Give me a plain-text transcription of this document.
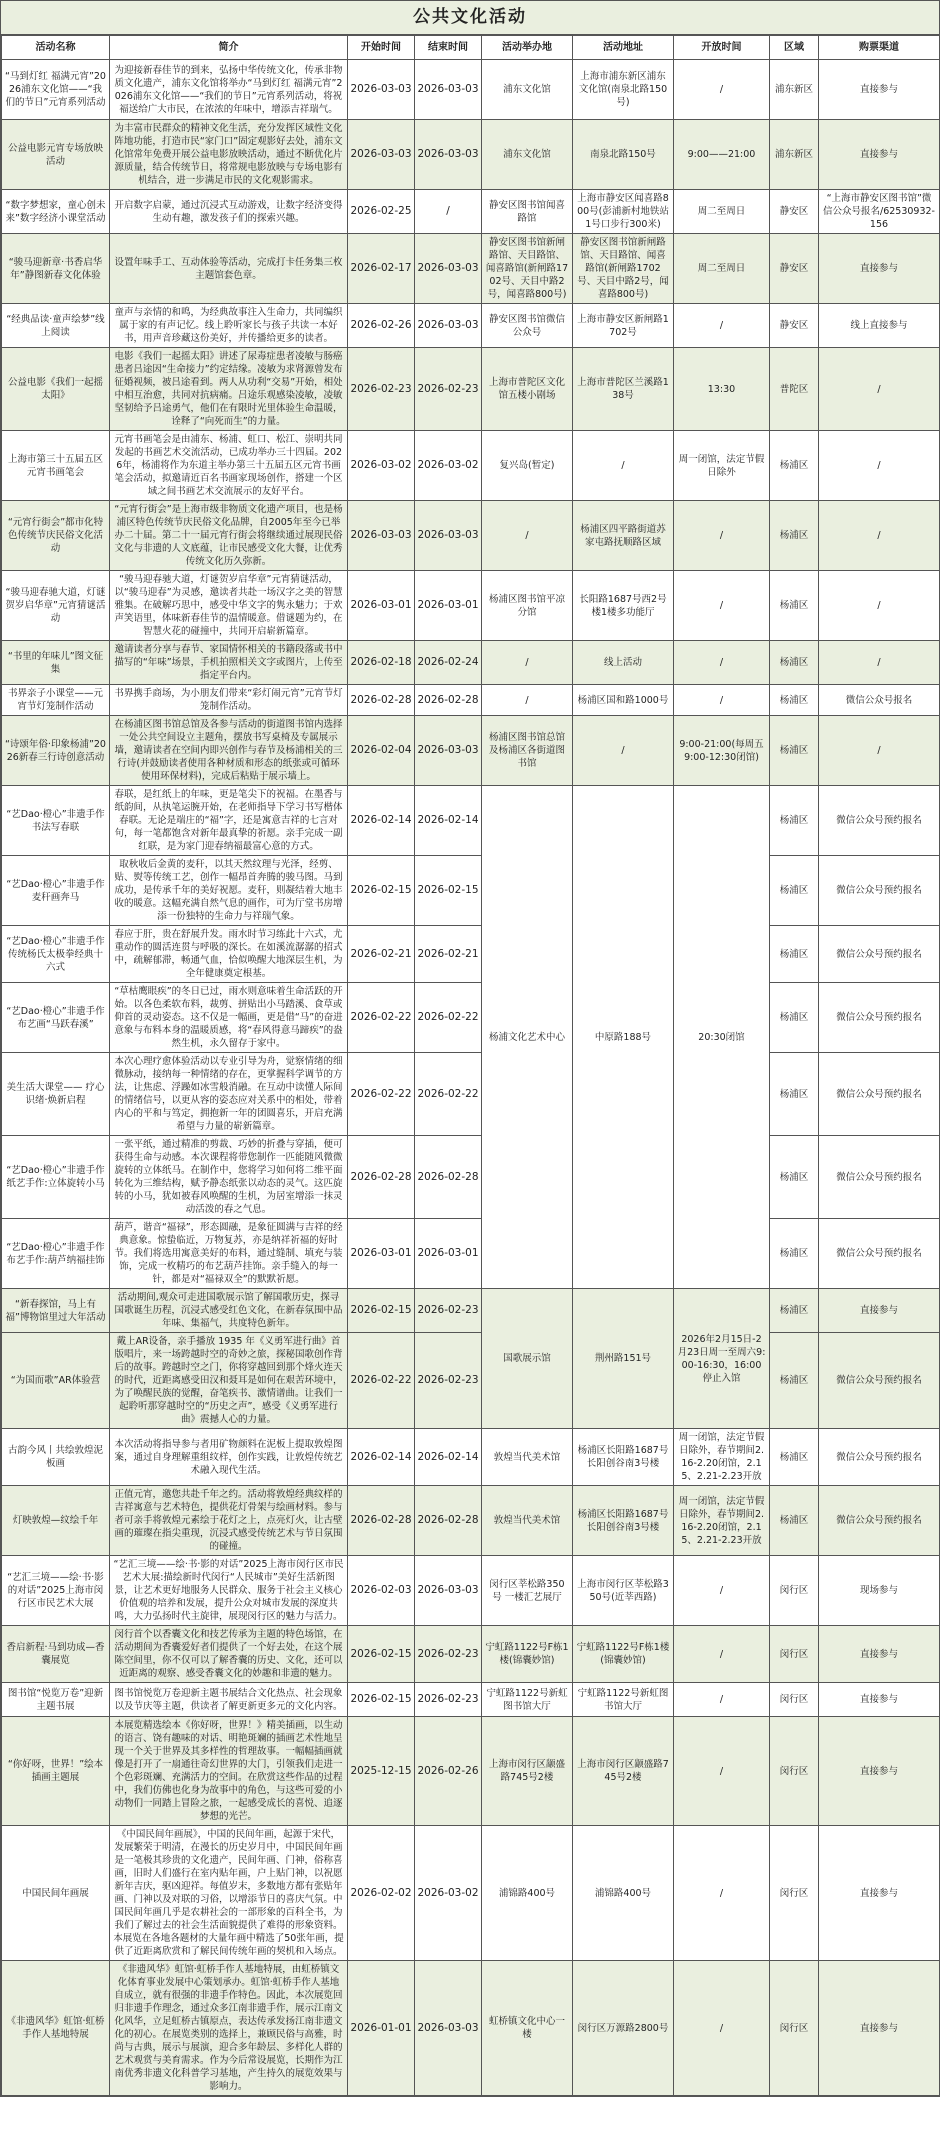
公共文化活动
活动名称	简介	开始时间	结束时间	活动举办地	活动地址	开放时间	区域	购票渠道
“马到灯红 福满元宵”2026浦东文化馆——“我们的节日”元宵系列活动	为迎接新春佳节的到来，弘扬中华传统文化，传承非物质文化遗产，浦东文化馆将举办“马到灯红 福满元宵”2026浦东文化馆——“我们的节日”元宵系列活动，将祝福送给广大市民，在浓浓的年味中，增添吉祥瑞气。	2026-03-03	2026-03-03	浦东文化馆	上海市浦东新区浦东文化馆(南泉北路150号)	/	浦东新区	直接参与
公益电影元宵专场放映活动	为丰富市民群众的精神文化生活，充分发挥区域性文化阵地功能，打造市民“家门口”固定观影好去处，浦东文化馆常年免费开展公益电影放映活动，通过不断优化片源质量，结合传统节日，将常规电影放映与专场电影有机结合，进一步满足市民的文化观影需求。	2026-03-03	2026-03-03	浦东文化馆	南泉北路150号	9:00——21:00	浦东新区	直接参与
“数字梦想家，童心创未来”数字经济小课堂活动	开启数字启蒙，通过沉浸式互动游戏，让数字经济变得生动有趣，激发孩子们的探索兴趣。	2026-02-25	/	静安区图书馆闻喜路馆	上海市静安区闻喜路800号(彭浦新村地铁站1号口步行300米)	周二至周日	静安区	“上海市静安区图书馆”微信公众号报名/62530932-156
“骏马迎新章·书香启华年”静图新春文化体验	设置年味手工、互动体验等活动，完成打卡任务集三枚主题馆套色章。	2026-02-17	2026-03-03	静安区图书馆新闸路馆、天目路馆、闻喜路馆(新闸路1702号、天目中路2号，闻喜路800号)	静安区图书馆新闸路馆、天目路馆、闻喜路馆(新闸路1702号、天目中路2号，闻喜路800号)	周二至周日	静安区	直接参与
“经典品读·童声绘梦”线上阅读	童声与亲情的和鸣，为经典故事注入生命力，共同编织属于家的有声记忆。线上聆听家长与孩子共读一本好书，用声音珍藏这份美好，并传播给更多的读者。	2026-02-26	2026-03-03	静安区图书馆微信公众号	上海市静安区新闸路1702号	/	静安区	线上直接参与
公益电影《我们一起摇太阳》	电影《我们一起摇太阳》讲述了尿毒症患者凌敏与肠癌患者吕途因“生命接力”约定结缘。凌敏为求肾源曾发布征婚视频，被吕途看到。两人从功利“交易”开始，相处中相互治愈，共同对抗病痛。吕途乐观感染凌敏，凌敏坚韧给予吕途勇气，他们在有限时光里体验生命温暖，诠释了“向死而生”的力量。	2026-02-23	2026-02-23	上海市普陀区文化馆五楼小剧场	上海市普陀区兰溪路138号	13:30	普陀区	/
上海市第三十五届五区元宵书画笔会	元宵书画笔会是由浦东、杨浦、虹口、松江、崇明共同发起的书画艺术交流活动，已成功举办三十四届。2026年，杨浦将作为东道主举办第三十五届五区元宵书画笔会活动，拟邀请近百名书画家现场创作，搭建一个区域之间书画艺术交流展示的友好平台。	2026-03-02	2026-03-02	复兴岛(暂定)	/	周一闭馆，法定节假日除外	杨浦区	/
“元宵行街会”都市化特色传统节庆民俗文化活动	“元宵行街会”是上海市级非物质文化遗产项目，也是杨浦区特色传统节庆民俗文化品牌，自2005年至今已举办二十届。第二十一届元宵行街会将继续通过展现民俗文化与非遗的人文底蕴，让市民感受文化大餐，让优秀传统文化历久弥新。	2026-03-03	2026-03-03	/	杨浦区四平路街道苏家屯路抚顺路区域	/	杨浦区	/
“骏马迎春驰大道，灯谜贺岁启华章”元宵猜谜活动	“骏马迎春驰大道，灯谜贺岁启华章”元宵猜谜活动，以“骏马迎春”为灵感，邀读者共赴一场汉字之美的智慧雅集。在破解巧思中，感受中华文字的隽永魅力；于欢声笑语里，体味新春佳节的温情暖意。借谜题为约，在智慧火花的碰撞中，共同开启崭新篇章。	2026-03-01	2026-03-01	杨浦区图书馆平凉分馆	长阳路1687号西2号楼1楼多功能厅	/	杨浦区	/
“书里的年味儿”图文征集	邀请读者分享与春节、家国情怀相关的书籍段落或书中描写的“年味”场景，手机拍照相关文字或图片，上传至指定平台内。	2026-02-18	2026-02-24	/	线上活动	/	杨浦区	/
书界亲子小课堂——元宵节灯笼制作活动	书界携手商场，为小朋友们带来“彩灯闹元宵”元宵节灯笼制作活动。	2026-02-28	2026-02-28	/	杨浦区国和路1000号	/	杨浦区	微信公众号报名
“诗颂年俗·印象杨浦”2026新春三行诗创意活动	在杨浦区图书馆总馆及各参与活动的街道图书馆内选择一处公共空间设立主题角，摆放书写桌椅及专属展示墙，邀请读者在空间内即兴创作与春节及杨浦相关的三行诗(并鼓励读者使用各种材质和形态的纸张或可循环使用环保材料)，完成后粘贴于展示墙上。	2026-02-04	2026-03-03	杨浦区图书馆总馆及杨浦区各街道图书馆	/	9:00-21:00(每周五9:00-12:30闭馆)	杨浦区	/
“艺Dao·橙心”非遗手作 书法写春联	春联，是红纸上的年味，更是笔尖下的祝福。在墨香与纸韵间，从执笔运腕开始，在老师指导下学习书写楷体春联。无论是端庄的“福”字，还是寓意吉祥的七言对句，每一笔都饱含对新年最真挚的祈愿。亲手完成一副红联，是为家门迎春纳福最富心意的方式。	2026-02-14	2026-02-14	杨浦文化艺术中心	中原路188号	20:30闭馆	杨浦区	微信公众号预约报名
“艺Dao·橙心”非遗手作 麦秆画奔马	取秋收后金黄的麦秆，以其天然纹理与光泽，经剪、贴、熨等传统工艺，创作一幅昂首奔腾的骏马图。马到成功，是传承千年的美好祝愿。麦秆，则凝结着大地丰收的暖意。这幅充满自然气息的画作，可为厅堂书房增添一份独特的生命力与祥瑞气象。	2026-02-15	2026-02-15				杨浦区	微信公众号预约报名
“艺Dao·橙心”非遗手作 传统杨氏太极拳经典十六式	春应于肝，贵在舒展升发。雨水时节习练此十六式，尤重动作的圆活连贯与呼吸的深长。在如溪流潺潺的招式中，疏解郁滞，畅通气血，恰似唤醒大地深层生机，为全年健康奠定根基。	2026-02-21	2026-02-21				杨浦区	微信公众号预约报名
“艺Dao·橙心”非遗手作 布艺画“马跃春溪”	“草枯鹰眼疾”的冬日已过，雨水则意味着生命活跃的开始。以各色柔软布料，裁剪、拼贴出小马踏溪、食草或仰首的灵动姿态。这不仅是一幅画，更是借“马”的奋进意象与布料本身的温暖质感，将“春风得意马蹄疾”的盎然生机，永久留存于家中。	2026-02-22	2026-02-22				杨浦区	微信公众号预约报名
美生活大课堂—— 疗心识绪·焕新启程	本次心理疗愈体验活动以专业引导为舟，觉察情绪的细微脉动，接纳每一种情绪的存在，更掌握科学调节的方法，让焦虑、浮躁如冰雪般消融。在互动中读懂人际间的情绪信号，以更从容的姿态应对关系中的相处，带着内心的平和与笃定，拥抱新一年的团圆喜乐，开启充满希望与力量的崭新篇章。	2026-02-22	2026-02-22				杨浦区	微信公众号预约报名
“艺Dao·橙心”非遗手作 纸艺手作:立体旋转小马	一张平纸，通过精准的剪裁、巧妙的折叠与穿插，便可获得生命与动感。本次课程将带您制作一匹能随风微微旋转的立体纸马。在制作中，您将学习如何将二维平面转化为三维结构，赋予静态纸张以动态的灵气。这匹旋转的小马，犹如被春风唤醒的生机，为居室增添一抹灵动活泼的春之气息。	2026-02-28	2026-02-28				杨浦区	微信公众号预约报名
“艺Dao·橙心”非遗手作 布艺手作:葫芦纳福挂饰	葫芦，谐音“福禄”，形态圆融，是象征圆满与吉祥的经典意象。惊蛰临近，万物复苏，亦是纳祥祈福的好时节。我们将选用寓意美好的布料，通过缝制、填充与装饰，完成一枚精巧的布艺葫芦挂饰。亲手缝入的每一针，都是对“福禄双全”的默默祈愿。	2026-03-01	2026-03-01				杨浦区	微信公众号预约报名
“新春探馆，马上有福”博物馆里过大年活动	活动期间,观众可走进国歌展示馆了解国歌历史，探寻国歌诞生历程，沉浸式感受红色文化，在新春氛围中品年味、集福气，共度特色新年。	2026-02-15	2026-02-23	国歌展示馆	荆州路151号	2026年2月15日-2月23日周一至周六9:00-16:30，16:00停止入馆	杨浦区	直接参与
“为国而歌”AR体验营	戴上AR设备，亲手播放 1935 年《义勇军进行曲》首版唱片，来一场跨越时空的奇妙之旅，探秘国歌创作背后的故事。跨越时空之门，你将穿越回到那个烽火连天的时代，近距离感受田汉和聂耳是如何在艰苦环境中，为了唤醒民族的觉醒，奋笔疾书、激情谱曲。让我们一起聆听那穿越时空的“历史之声”，感受《义勇军进行曲》震撼人心的力量。	2026-02-22	2026-02-23				杨浦区	微信公众号预约报名
古韵今风丨共绘敦煌泥板画	本次活动将指导参与者用矿物颜料在泥板上提取敦煌图案，通过自身理解重组纹样，创作实践，让敦煌传统艺术融入现代生活。	2026-02-14	2026-02-14	敦煌当代美术馆	杨浦区长阳路1687号长阳创谷南3号楼	周一闭馆，法定节假日除外，春节期间2.16-2.20闭馆，2.15、2.21-2.23开放	杨浦区	微信公众号预约报名
灯映敦煌—纹绘千年	正值元宵，邀您共赴千年之约。活动将敦煌经典纹样的吉祥寓意与艺术特色，提供花灯骨架与绘画材料。参与者可亲手将敦煌元素绘于花灯之上，点亮灯火，让古壁画的璀璨在指尖重现，沉浸式感受传统艺术与节日氛围的碰撞。	2026-02-28	2026-02-28	敦煌当代美术馆	杨浦区长阳路1687号长阳创谷南3号楼	周一闭馆，法定节假日除外，春节期间2.16-2.20闭馆，2.15、2.21-2.23开放	杨浦区	微信公众号预约报名
“艺汇三境——绘·书·影的对话”2025上海市闵行区市民艺术大展	“艺汇三境——绘·书·影的对话”2025上海市闵行区市民艺术大展:描绘新时代闵行“人民城市”美好生活新图景，让艺术更好地服务人民群众、服务于社会主义核心价值观的培养和发展，提升公众对城市发展的深度共鸣，大力弘扬时代主旋律，展现闵行区的魅力与活力。	2026-02-03	2026-03-03	闵行区莘松路350号 一楼汇艺展厅	上海市闵行区莘松路350号(近莘西路)	/	闵行区	现场参与
香启新程·马到功成—香囊展览	闵行首个以香囊文化和技艺传承为主题的特色场馆，在活动期间为香囊爱好者们提供了一个好去处，在这个展陈空间里，你不仅可以了解香囊的历史、文化，还可以近距离的观察、感受香囊文化的妙趣和非遗的魅力。	2026-02-15	2026-02-23	宁虹路1122号F栋1楼(锦囊妙馆)	宁虹路1122号F栋1楼(锦囊妙馆)	/	闵行区	直接参与
图书馆“悦览万卷”迎新主题书展	图书馆悦览万卷迎新主题书展结合文化热点、社会现象以及节庆等主题，供读者了解更新更多元的文化内容。	2026-02-15	2026-02-23	宁虹路1122号新虹图书馆大厅	宁虹路1122号新虹图书馆大厅	/	闵行区	直接参与
“你好呀，世界！”绘本插画主题展	本展览精选绘本《你好呀，世界！》精美插画，以生动的语言、饶有趣味的对话、明艳斑斓的插画艺术性地呈现一个关于世界及其多样性的哲理故事。一幅幅插画就像是打开了一扇通往奇幻世界的大门，引领我们走进一个色彩斑斓、充满活力的空间。在欣赏这些作品的过程中，我们仿佛也化身为故事中的角色，与这些可爱的小动物们一同踏上冒险之旅，一起感受成长的喜悦、追逐梦想的光芒。	2025-12-15	2026-02-26	上海市闵行区颛盛路745号2楼	上海市闵行区颛盛路745号2楼	/	闵行区	直接参与
中国民间年画展	《中国民间年画展》，中国的民间年画，起源于宋代，发展繁荣于明清，在漫长的历史岁月中，中国民间年画是一笔极其珍贵的文化遗产，民间年画、门神，俗称喜画，旧时人们盛行在室内贴年画，户上贴门神，以祝愿新年吉庆，驱凶迎祥。每值岁末，多数地方都有张贴年画、门神以及对联的习俗，以增添节日的喜庆气氛。中国民间年画几乎是农耕社会的一部形象的百科全书，为我们了解过去的社会生活面貌提供了难得的形象资料。本展览在各地各题材的大量年画中精选了50张年画，提供了近距离欣赏和了解民间传统年画的契机和入场点。	2026-02-02	2026-03-02	浦锦路400号	浦锦路400号	/	闵行区	直接参与
《非遗风华》虹馆·虹桥手作人基地特展	《非遗风华》虹馆·虹桥手作人基地特展，由虹桥镇文化体育事业发展中心策划承办。虹馆·虹桥手作人基地自成立，就有很强的非遗手作特色。因此，本次展览回归非遗手作理念，通过众多江南非遗手作，展示江南文化风华，立足虹桥古镇原点，表达传承发扬江南非遗文化的初心。在展览类别的选择上，兼顾民俗与高雅，时尚与古典，展示与展演，迎合多年龄层、多样化人群的艺术观赏与美育需求。作为今后常设展览，长期作为江南优秀非遗文化科普学习基地，产生持久的展览效果与影响力。	2026-01-01	2026-03-03	虹桥镇文化中心一楼	闵行区万源路2800号	/	闵行区	直接参与
